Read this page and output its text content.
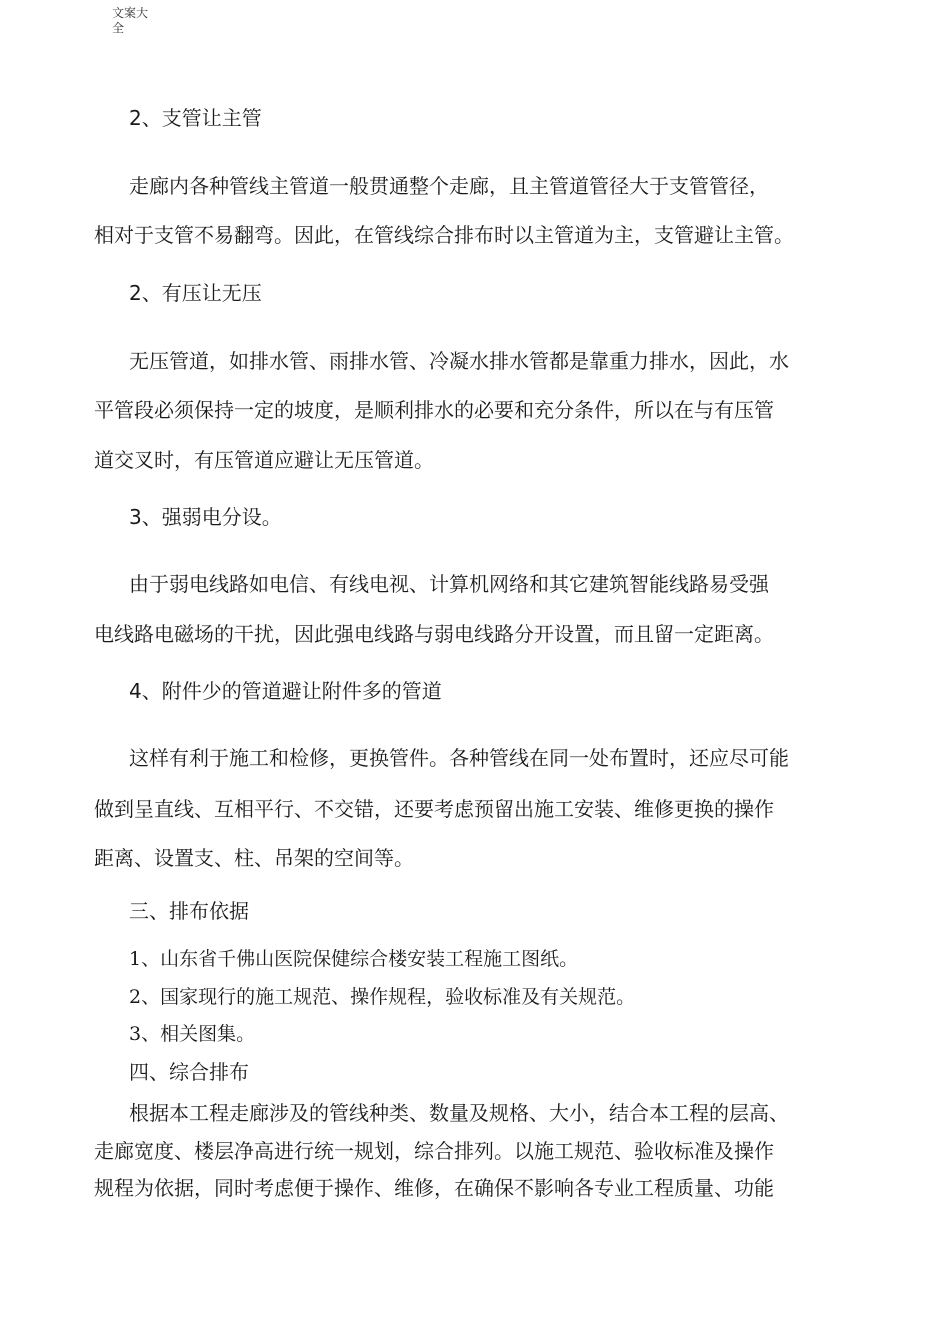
文案大全

2、支管让主管

走廊内各种管线主管道一般贯通整个走廊，且主管道管径大于支管管径，

相对于支管不易翻弯。因此，在管线综合排布时以主管道为主，支管避让主管。

2、有压让无压

无压管道，如排水管、雨排水管、冷凝水排水管都是靠重力排水，因此，水

平管段必须保持一定的坡度，是顺利排水的必要和充分条件，所以在与有压管

道交叉时，有压管道应避让无压管道。

3、强弱电分设。

由于弱电线路如电信、有线电视、计算机网络和其它建筑智能线路易受强

电线路电磁场的干扰，因此强电线路与弱电线路分开设置，而且留一定距离。

4、附件少的管道避让附件多的管道

这样有利于施工和检修，更换管件。各种管线在同一处布置时，还应尽可能

做到呈直线、互相平行、不交错，还要考虑预留出施工安装、维修更换的操作

距离、设置支、柱、吊架的空间等。

三、排布依据

1、山东省千佛山医院保健综合楼安装工程施工图纸。

2、国家现行的施工规范、操作规程，验收标准及有关规范。

3、相关图集。

四、综合排布

根据本工程走廊涉及的管线种类、数量及规格、大小，结合本工程的层高、

走廊宽度、楼层净高进行统一规划，综合排列。以施工规范、验收标准及操作

规程为依据，同时考虑便于操作、维修，在确保不影响各专业工程质量、功能
